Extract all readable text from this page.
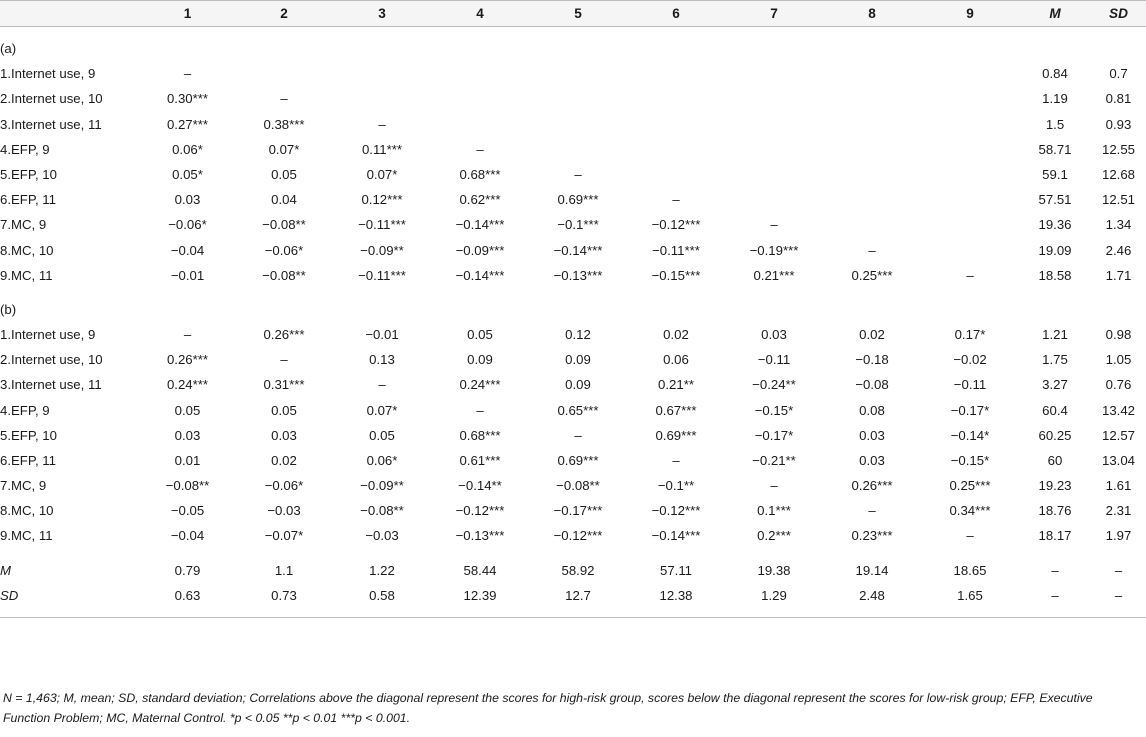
	1	2	3	4	5	6	7	8	9	M	SD

(a)											
1.Internet use, 9	–									0.84	0.7
2.Internet use, 10	0.30***	–								1.19	0.81
3.Internet use, 11	0.27***	0.38***	–							1.5	0.93
4.EFP, 9	0.06*	0.07*	0.11***	–						58.71	12.55
5.EFP, 10	0.05*	0.05	0.07*	0.68***	–					59.1	12.68
6.EFP, 11	0.03	0.04	0.12***	0.62***	0.69***	–				57.51	12.51
7.MC, 9	−0.06*	−0.08**	−0.11***	−0.14***	−0.1***	−0.12***	–			19.36	1.34
8.MC, 10	−0.04	−0.06*	−0.09**	−0.09***	−0.14***	−0.11***	−0.19***	–		19.09	2.46
9.MC, 11	−0.01	−0.08**	−0.11***	−0.14***	−0.13***	−0.15***	0.21***	0.25***	–	18.58	1.71

(b)											
1.Internet use, 9	–	0.26***	−0.01	0.05	0.12	0.02	0.03	0.02	0.17*	1.21	0.98
2.Internet use, 10	0.26***	–	0.13	0.09	0.09	0.06	−0.11	−0.18	−0.02	1.75	1.05
3.Internet use, 11	0.24***	0.31***	–	0.24***	0.09	0.21**	−0.24**	−0.08	−0.11	3.27	0.76
4.EFP, 9	0.05	0.05	0.07*	–	0.65***	0.67***	−0.15*	0.08	−0.17*	60.4	13.42
5.EFP, 10	0.03	0.03	0.05	0.68***	–	0.69***	−0.17*	0.03	−0.14*	60.25	12.57
6.EFP, 11	0.01	0.02	0.06*	0.61***	0.69***	–	−0.21**	0.03	−0.15*	60	13.04
7.MC, 9	−0.08**	−0.06*	−0.09**	−0.14**	−0.08**	−0.1**	–	0.26***	0.25***	19.23	1.61
8.MC, 10	−0.05	−0.03	−0.08**	−0.12***	−0.17***	−0.12***	0.1***	–	0.34***	18.76	2.31
9.MC, 11	−0.04	−0.07*	−0.03	−0.13***	−0.12***	−0.14***	0.2***	0.23***	–	18.17	1.97

M	0.79	1.1	1.22	58.44	58.92	57.11	19.38	19.14	18.65	–	–
SD	0.63	0.73	0.58	12.39	12.7	12.38	1.29	2.48	1.65	–	–

N = 1,463; M, mean; SD, standard deviation; Correlations above the diagonal represent the scores for high-risk group, scores below the diagonal represent the scores for low-risk group; EFP, Executive Function Problem; MC, Maternal Control. *p < 0.05 **p < 0.01 ***p < 0.001.
